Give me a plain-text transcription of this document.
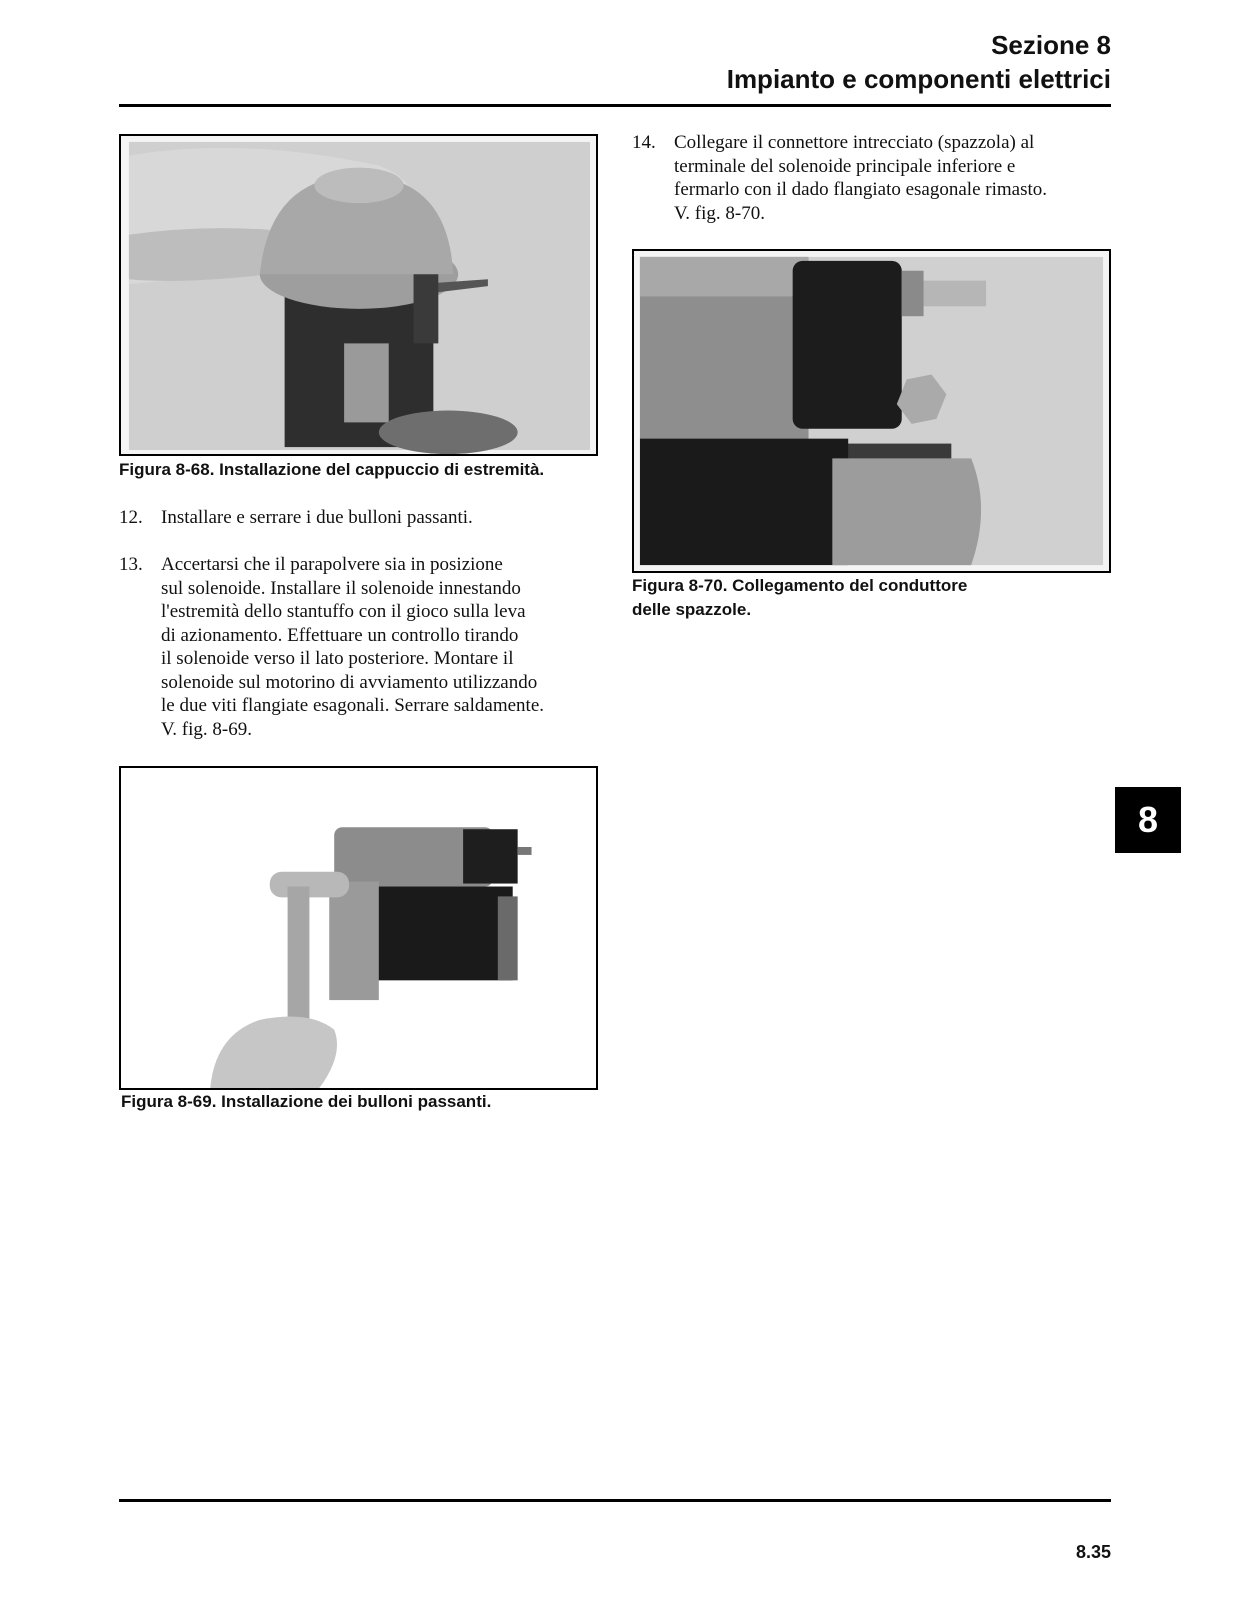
Sezione 8
Impianto e componenti elettrici
Figura 8-68. Installazione del cappuccio di estremità.
12. Installare e serrare i due bulloni passanti.
13. Accertarsi che il parapolvere sia in posizione
sul solenoide. Installare il solenoide innestando
l'estremità dello stantuffo con il gioco sulla leva
di azionamento. Effettuare un controllo tirando
il solenoide verso il lato posteriore. Montare il
solenoide sul motorino di avviamento utilizzando
le due viti flangiate esagonali. Serrare saldamente.
V. fig. 8-69.
Figura 8-69. Installazione dei bulloni passanti.
14. Collegare il connettore intrecciato (spazzola) al
terminale del solenoide principale inferiore e
fermarlo con il dado flangiato esagonale rimasto.
V. fig. 8-70.
Figura 8-70. Collegamento del conduttore
delle spazzole.
8
8.35
